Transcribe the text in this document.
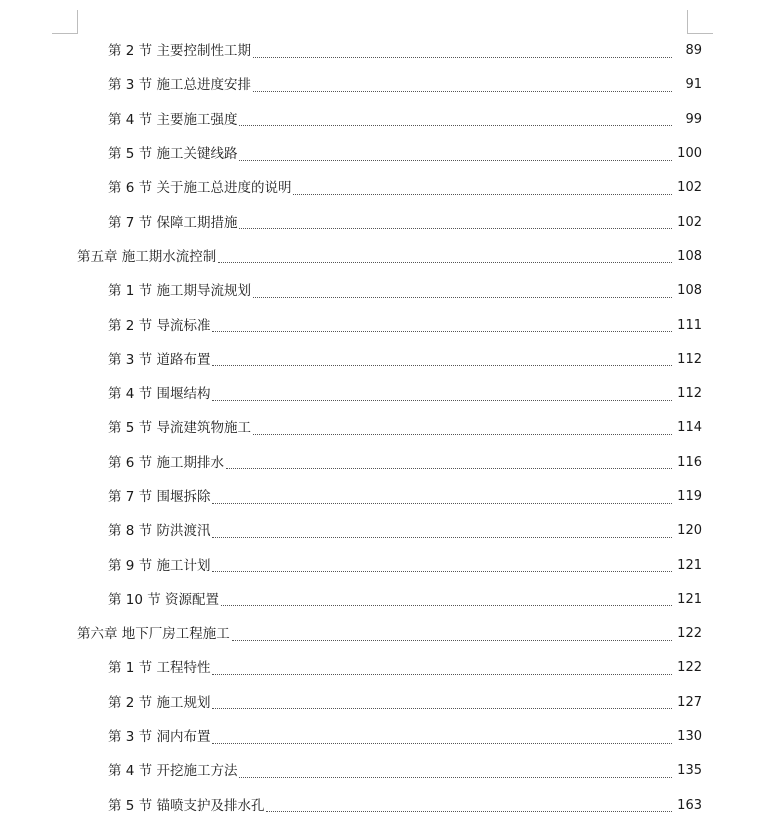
第 2 节 主要控制性工期	89
第 3 节 施工总进度安排	91
第 4 节 主要施工强度	99
第 5 节 施工关键线路	100
第 6 节 关于施工总进度的说明	102
第 7 节 保障工期措施	102
第五章 施工期水流控制	108
第 1 节 施工期导流规划	108
第 2 节 导流标准	111
第 3 节 道路布置	112
第 4 节 围堰结构	112
第 5 节 导流建筑物施工	114
第 6 节 施工期排水	116
第 7 节 围堰拆除	119
第 8 节 防洪渡汛	120
第 9 节 施工计划	121
第 10 节 资源配置	121
第六章 地下厂房工程施工	122
第 1 节 工程特性	122
第 2 节 施工规划	127
第 3 节 洞内布置	130
第 4 节 开挖施工方法	135
第 5 节 锚喷支护及排水孔	163
